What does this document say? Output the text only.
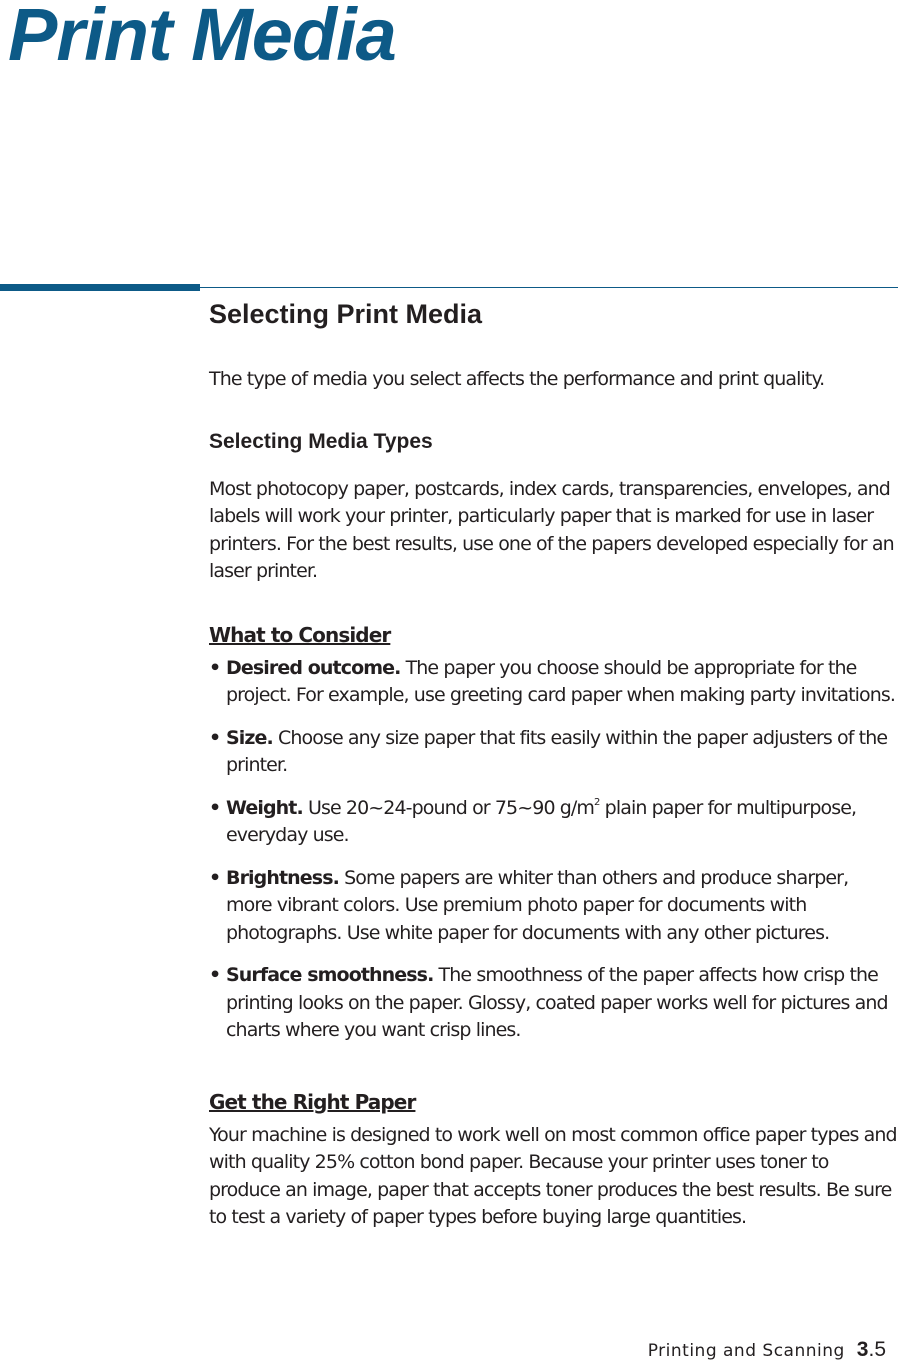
Print Media
Selecting Print Media

The type of media you select affects the performance and print quality.

Selecting Media Types

Most photocopy paper, postcards, index cards, transparencies, envelopes, and labels will work your printer, particularly paper that is marked for use in laser printers. For the best results, use one of the papers developed especially for an laser printer.

What to Consider
• Desired outcome. The paper you choose should be appropriate for the project. For example, use greeting card paper when making party invitations.
• Size. Choose any size paper that fits easily within the paper adjusters of the printer.
• Weight. Use 20~24-pound or 75~90 $g/m^2$ plain paper for multipurpose, everyday use.
• Brightness. Some papers are whiter than others and produce sharper, more vibrant colors. Use premium photo paper for documents with photographs. Use white paper for documents with any other pictures.
• Surface smoothness. The smoothness of the paper affects how crisp the printing looks on the paper. Glossy, coated paper works well for pictures and charts where you want crisp lines.
Get the Right Paper

Your machine is designed to work well on most common office paper types and with quality 25% cotton bond paper. Because your printer uses toner to produce an image, paper that accepts toner produces the best results. Be sure to test a variety of paper types before buying large quantities.

Printing and Scanning 3.5
